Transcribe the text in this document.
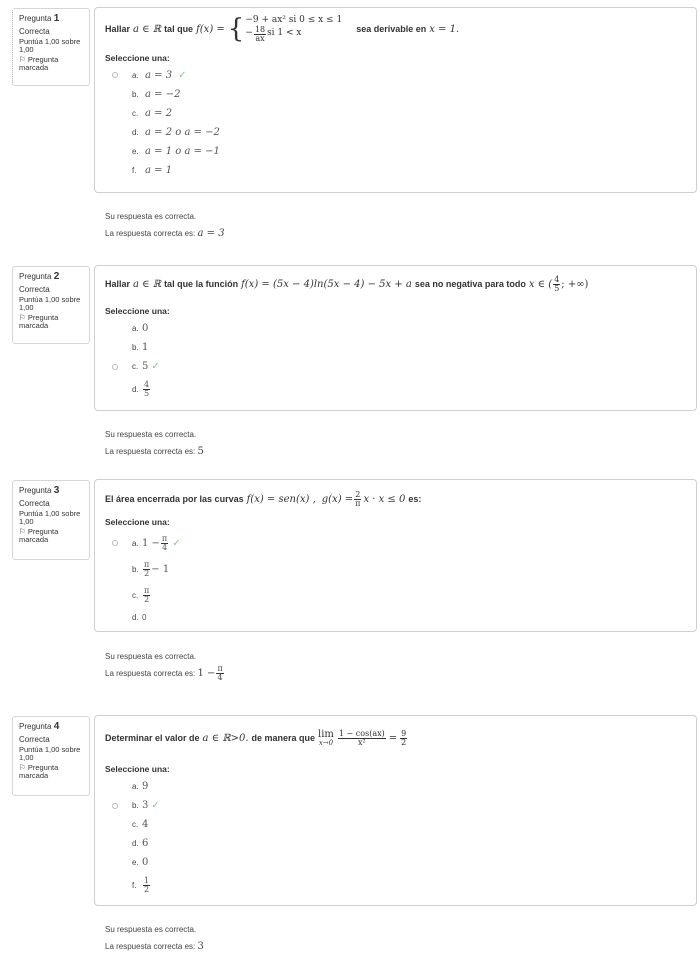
Pregunta 1
Correcta
Puntúa 1,00 sobre 1,00
⚐ Pregunta marcada
Hallar a ∈ ℝ tal que f(x) = { −9 + ax² si 0 ≤ x ≤ 1
− $\frac{18}{ax}$ si 1 < x	sea derivable en x = 1.
Seleccione una:
a. a = 3 ✓
b. a = −2
c. a = 2
d. a = 2 o a = −2
e. a = 1 o a = −1
f. a = 1
Su respuesta es correcta.
La respuesta correcta es: a = 3
Pregunta 2
Correcta
Puntúa 1,00 sobre 1,00
⚐ Pregunta marcada
Hallar a ∈ ℝ tal que la función f(x) = (5x − 4)ln(5x − 4) − 5x + a sea no negativa para todo x ∈ ( $\frac{4}{5}$ ; +∞)
Seleccione una:
a. 0
b. 1
c. 5 ✓
d. $\frac{4}{5}$
Su respuesta es correcta.
La respuesta correcta es: 5
Pregunta 3
Correcta
Puntúa 1,00 sobre 1,00
⚐ Pregunta marcada
El área encerrada por las curvas f(x) = sen(x) , $g(x) = \frac{2}{\pi}$ x · x ≤ 0 es:
Seleccione una:
a. $1 - \frac{\pi}{4}$ ✓
b. $\frac{\pi}{2} - 1$
c. $\frac{\pi}{2}$
d. 0
Su respuesta es correcta.
La respuesta correcta es:
$1 - \frac{\pi}{4}$
Pregunta 4
Correcta
Puntúa 1,00 sobre 1,00
⚐ Pregunta marcada
Determinar el valor de a ∈ ℝ>0. de manera que lim
$x\to 0 \frac{1 - \cos(ax)}{\text{x²}} = \frac{9}{2}$
Seleccione una:
a. 9
b. 3 ✓
c. 4
d. 6
e. 0
f. $\frac{1}{2}$
Su respuesta es correcta.
La respuesta correcta es: 3
